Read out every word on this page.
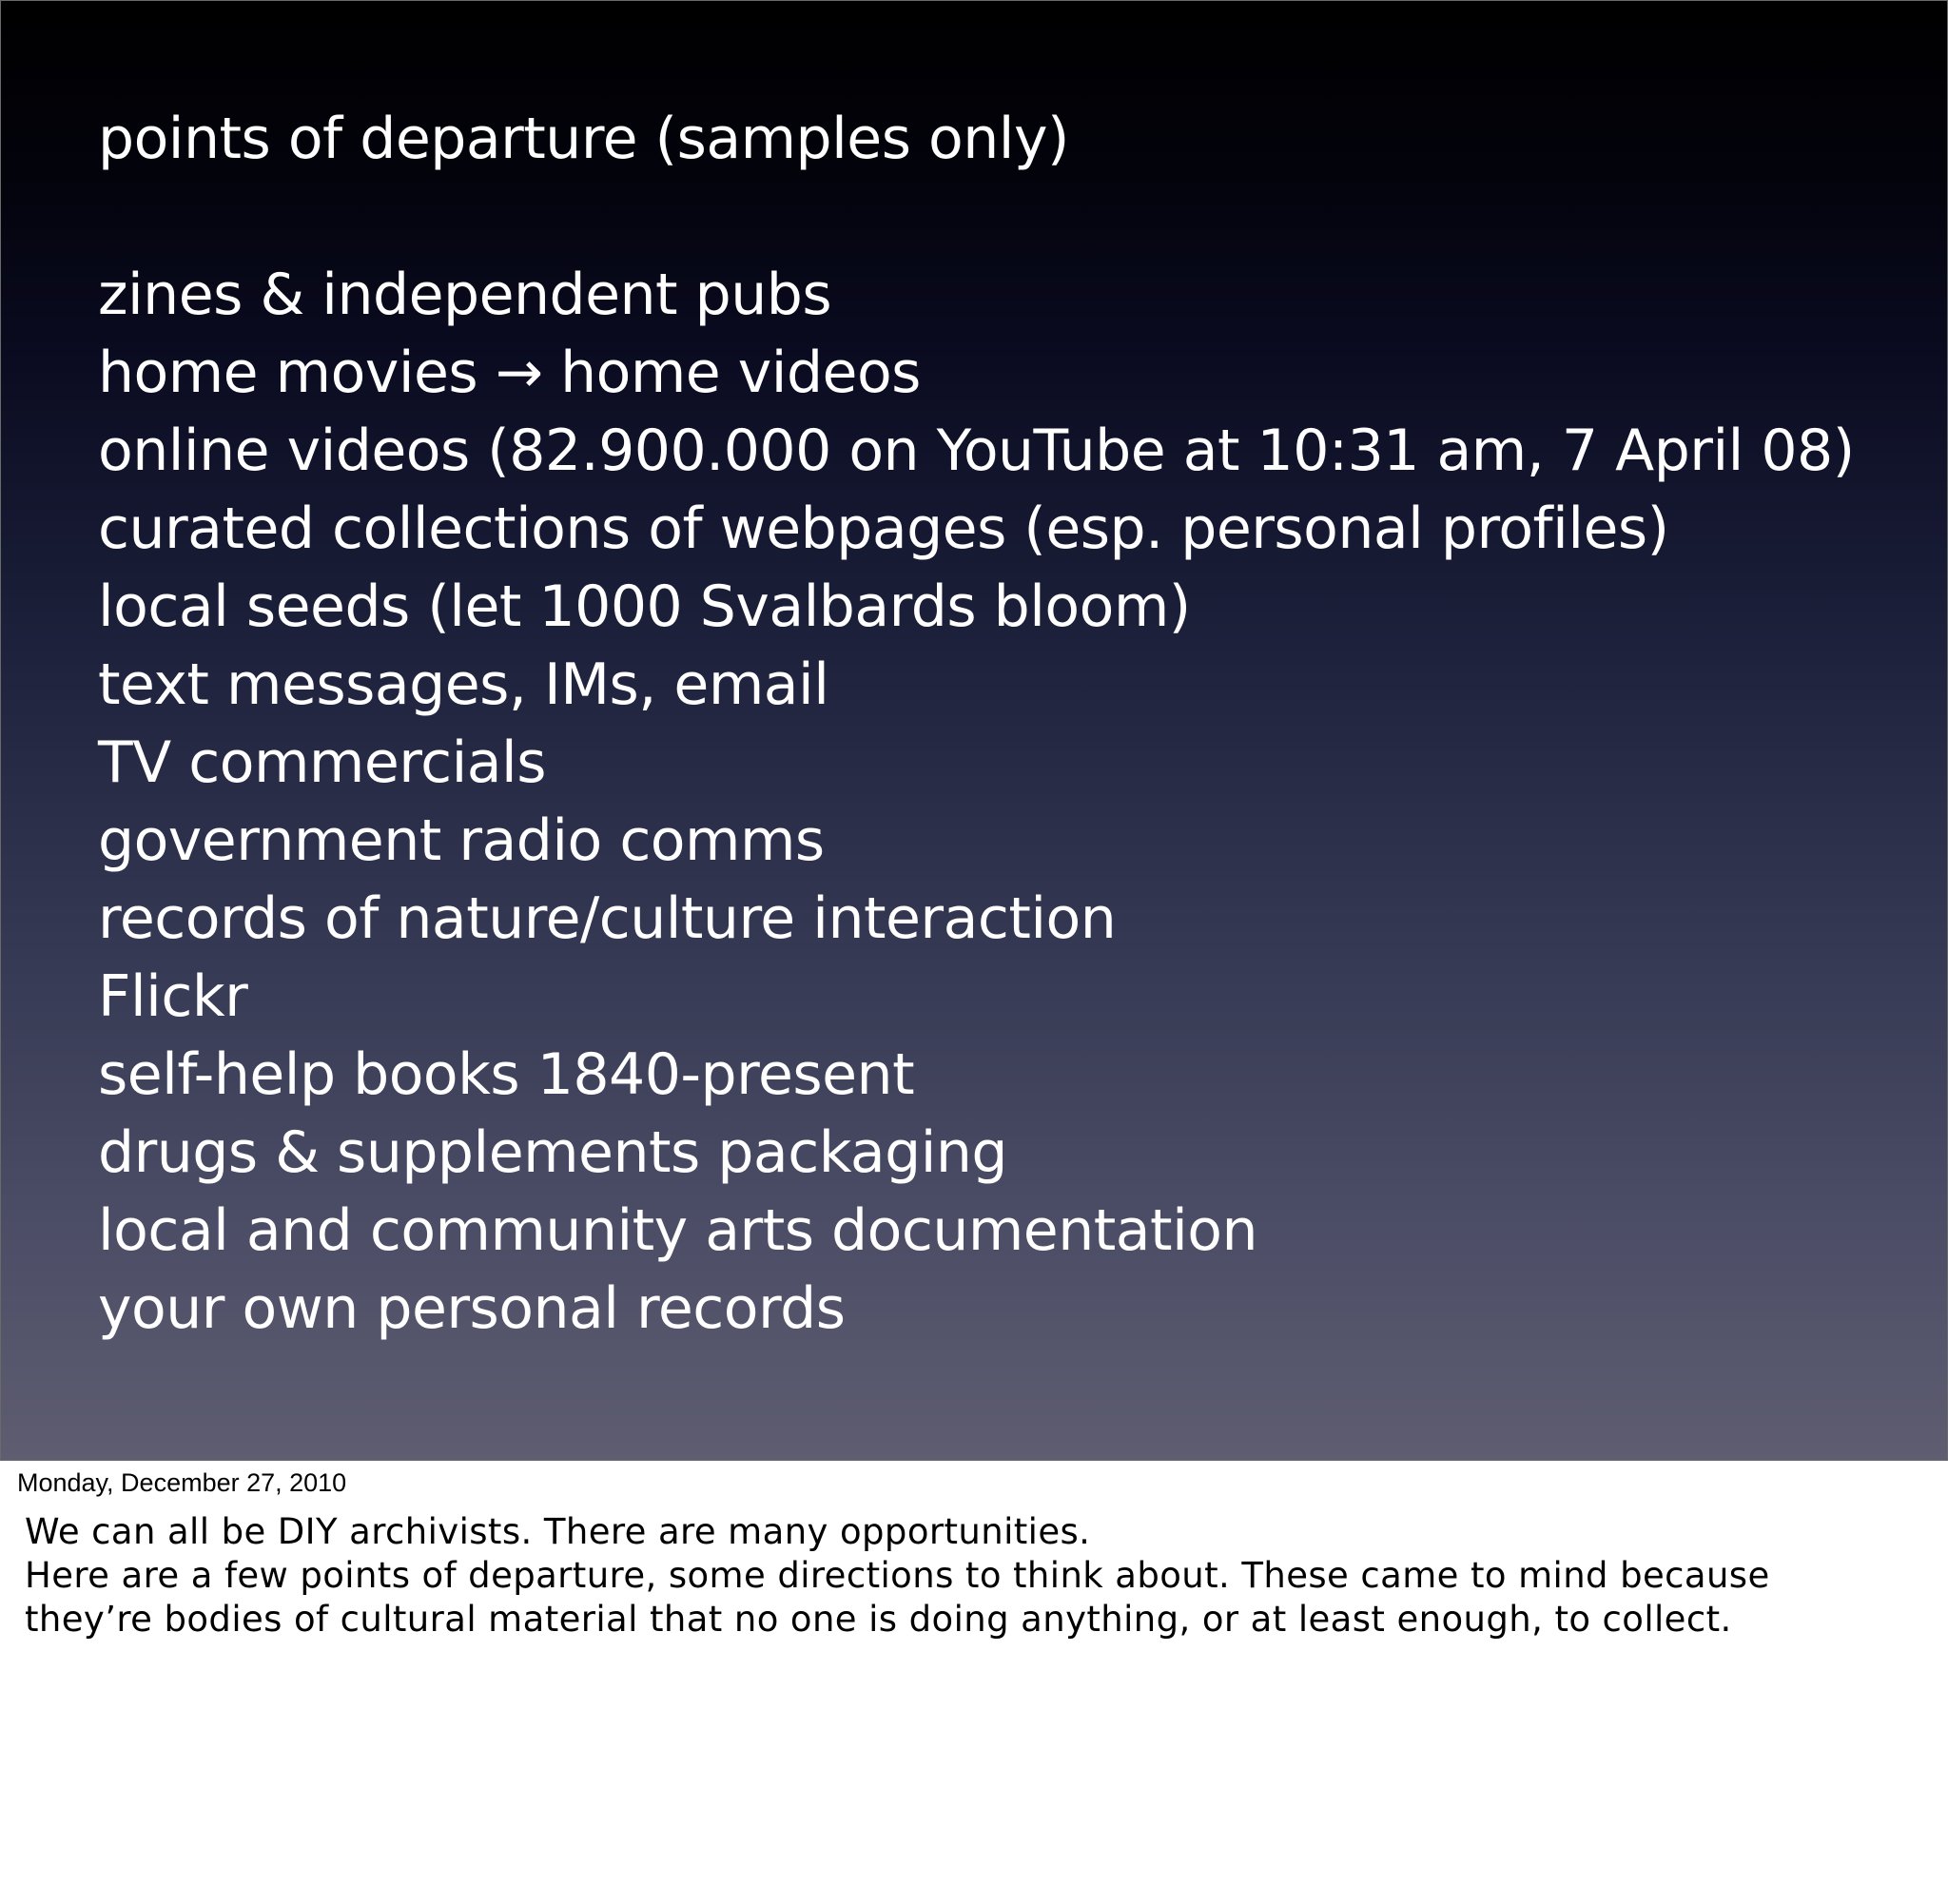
points of departure (samples only)
zines & independent pubs
home movies → home videos
online videos (82.900.000 on YouTube at 10:31 am, 7 April 08)
curated collections of webpages (esp. personal profiles)
local seeds (let 1000 Svalbards bloom)
text messages, IMs, email
TV commercials
government radio comms
records of nature/culture interaction
Flickr
self-help books 1840-present
drugs & supplements packaging
local and community arts documentation
your own personal records
Monday, December 27, 2010

We can all be DIY archivists. There are many opportunities.

Here are a few points of departure, some directions to think about. These came to mind because

they’re bodies of cultural material that no one is doing anything, or at least enough, to collect.
